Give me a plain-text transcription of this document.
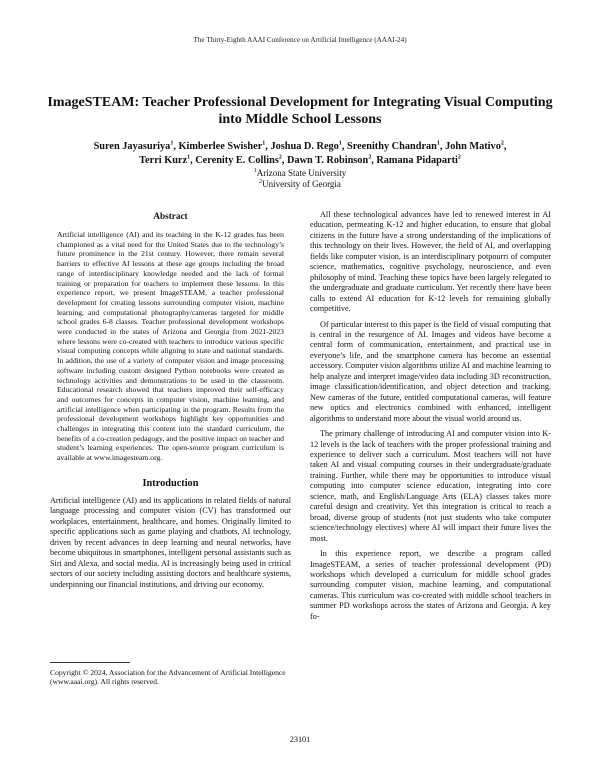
The Thirty-Eighth AAAI Conference on Artificial Intelligence (AAAI-24)
ImageSTEAM: Teacher Professional Development for Integrating Visual Computing into Middle School Lessons
Suren Jayasuriya$^1$, Kimberlee Swisher$^1$, Joshua D. Rego$^1$, Sreenithy Chandran$^1$, John Mativo$^2$,
Terri Kurz$^1$, Cerenity E. Collins$^2$, Dawn T. Robinson$^2$, Ramana Pidaparti$^2$
$^1$Arizona State University
$^2$University of Georgia
Abstract

Artificial intelligence (AI) and its teaching in the K-12 grades has been championed as a vital need for the United States due to the technology’s future prominence in the 21st century. However, there remain several barriers to effective AI lessons at these age groups including the broad range of interdisciplinary knowledge needed and the lack of formal training or preparation for teachers to implement these lessons. In this experience report, we present ImageSTEAM, a teacher professional development for creating lessons surrounding computer vision, machine learning, and computational photography/cameras targeted for middle school grades 6-8 classes. Teacher professional development workshops were conducted in the states of Arizona and Georgia from 2021-2023 where lessons were co-created with teachers to introduce various specific visual computing concepts while aligning to state and national standards. In addition, the use of a variety of computer vision and image processing software including custom designed Python notebooks were created as technology activities and demonstrations to be used in the classroom. Educational research showed that teachers improved their self-efficacy and outcomes for concepts in computer vision, machine learning, and artificial intelligence when participating in the program. Results from the professional development workshops highlight key opportunities and challenges in integrating this content into the standard curriculum, the benefits of a co-creation pedagogy, and the positive impact on teacher and student’s learning experiences. The open-source program curriculum is available at www.imagesteam.org.

Introduction

Artificial intelligence (AI) and its applications in related fields of natural language processing and computer vision (CV) has transformed our workplaces, entertainment, healthcare, and homes. Originally limited to specific applications such as game playing and chatbots, AI technology, driven by recent advances in deep learning and neural networks, have become ubiquitous in smartphones, intelligent personal assistants such as Siri and Alexa, and social media. AI is increasingly being used in critical sectors of our society including assisting doctors and healthcare systems, underpinning our financial institutions, and driving our economy.

All these technological advances have led to renewed interest in AI education, permeating K-12 and higher education, to ensure that global citizens in the future have a strong understanding of the implications of this technology on their lives. However, the field of AI, and overlapping fields like computer vision, is an interdisciplinary potpourri of computer science, mathematics, cognitive psychology, neuroscience, and even philosophy of mind. Teaching these topics have been largely relegated to the undergraduate and graduate curriculum. Yet recently there have been calls to extend AI education for K-12 levels for remaining globally competitive.

Of particular interest to this paper is the field of visual computing that is central in the resurgence of AI. Images and videos have become a central form of communication, entertainment, and practical use in everyone’s life, and the smartphone camera has become an essential accessory. Computer vision algorithms utilize AI and machine learning to help analyze and interpret image/video data including 3D reconstruction, image classification/identification, and object detection and tracking. New cameras of the future, entitled computational cameras, will feature new optics and electronics combined with enhanced, intelligent algorithms to understand more about the visual world around us.

The primary challenge of introducing AI and computer vision into K-12 levels is the lack of teachers with the proper professional training and experience to deliver such a curriculum. Most teachers will not have taken AI and visual computing courses in their undergraduate/graduate training. Further, while there may be opportunities to introduce visual computing into computer science education, integrating into core science, math, and English/Language Arts (ELA) classes takes more careful design and creativity. Yet this integration is critical to reach a broad, diverse group of students (not just students who take computer science/technology electives) where AI will impact their future lives the most.

In this experience report, we describe a program called ImageSTEAM, a series of teacher professional development (PD) workshops which developed a curriculum for middle school grades surrounding computer vision, machine learning, and computational cameras. This curriculum was co-created with middle school teachers in summer PD workshops across the states of Arizona and Georgia. A key fo-

Copyright © 2024, Association for the Advancement of Artificial Intelligence (www.aaai.org). All rights reserved.
23101
